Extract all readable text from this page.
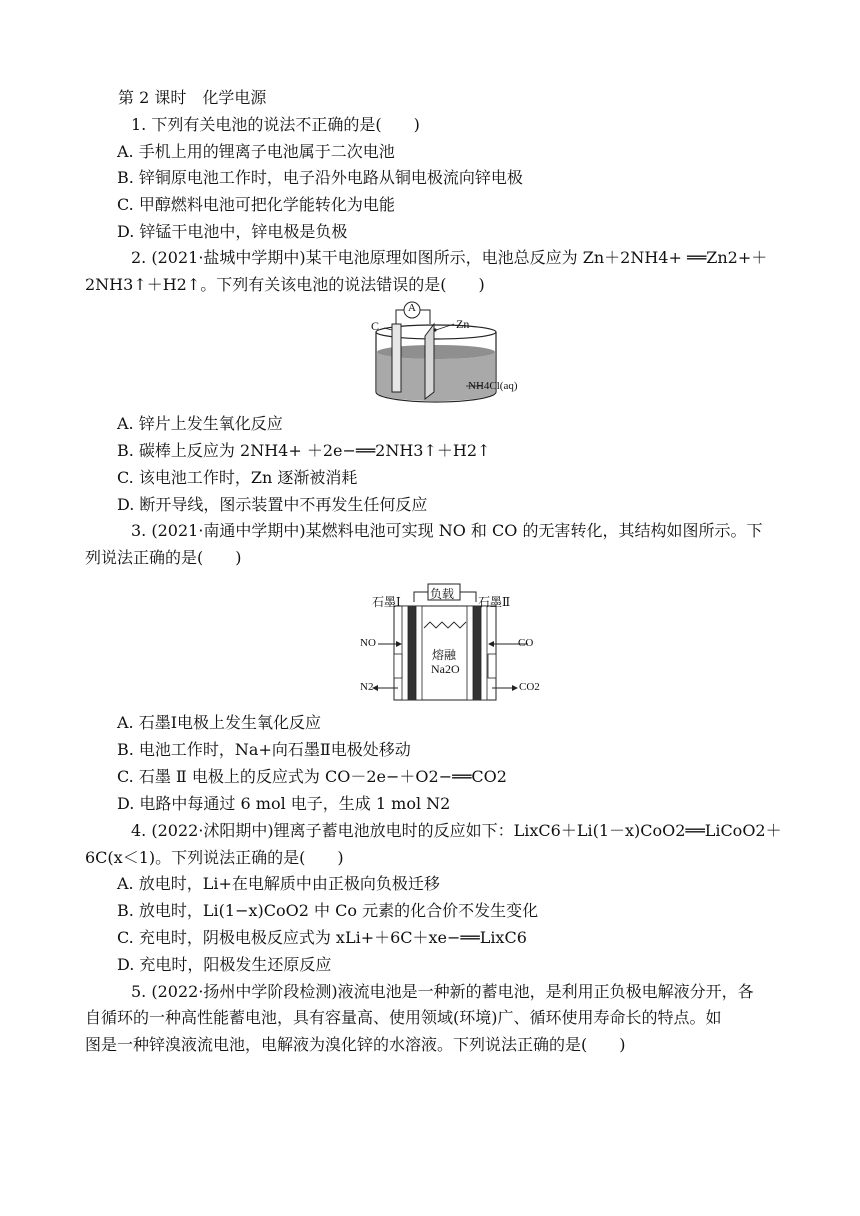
第 2 课时　化学电源
1. 下列有关电池的说法不正确的是(　　)
A. 手机上用的锂离子电池属于二次电池
B. 锌铜原电池工作时，电子沿外电路从铜电极流向锌电极
C. 甲醇燃料电池可把化学能转化为电能
D. 锌锰干电池中，锌电极是负极
2. (2021·盐城中学期中)某干电池原理如图所示，电池总反应为 Zn＋2NH4+ ══Zn2+＋
2NH3↑＋H2↑。下列有关该电池的说法错误的是(　　)
A
C	Zn
NH4Cl(aq)
A. 锌片上发生氧化反应
B. 碳棒上反应为 2NH4+ ＋2e−══2NH3↑＋H2↑
C. 该电池工作时，Zn 逐渐被消耗
D. 断开导线，图示装置中不再发生任何反应
3. (2021·南通中学期中)某燃料电池可实现 NO 和 CO 的无害转化，其结构如图所示。下
列说法正确的是(　　)
负载
石墨Ⅰ	石墨Ⅱ
NO
N2
CO
CO2
熔融
Na2O
A. 石墨Ⅰ电极上发生氧化反应
B. 电池工作时，Na+向石墨Ⅱ电极处移动
C. 石墨 Ⅱ 电极上的反应式为 CO－2e−＋O2−══CO2
D. 电路中每通过 6 mol 电子，生成 1 mol N2
4. (2022·沭阳期中)锂离子蓄电池放电时的反应如下：LixC6＋Li(1－x)CoO2══LiCoO2＋
6C(x＜1)。下列说法正确的是(　　)
A. 放电时，Li+在电解质中由正极向负极迁移
B. 放电时，Li(1−x)CoO2 中 Co 元素的化合价不发生变化
C. 充电时，阴极电极反应式为 xLi+＋6C＋xe−══LixC6
D. 充电时，阳极发生还原反应
5. (2022·扬州中学阶段检测)液流电池是一种新的蓄电池，是利用正负极电解液分开，各
自循环的一种高性能蓄电池，具有容量高、使用领域(环境)广、循环使用寿命长的特点。如
图是一种锌溴液流电池，电解液为溴化锌的水溶液。下列说法正确的是(　　)
